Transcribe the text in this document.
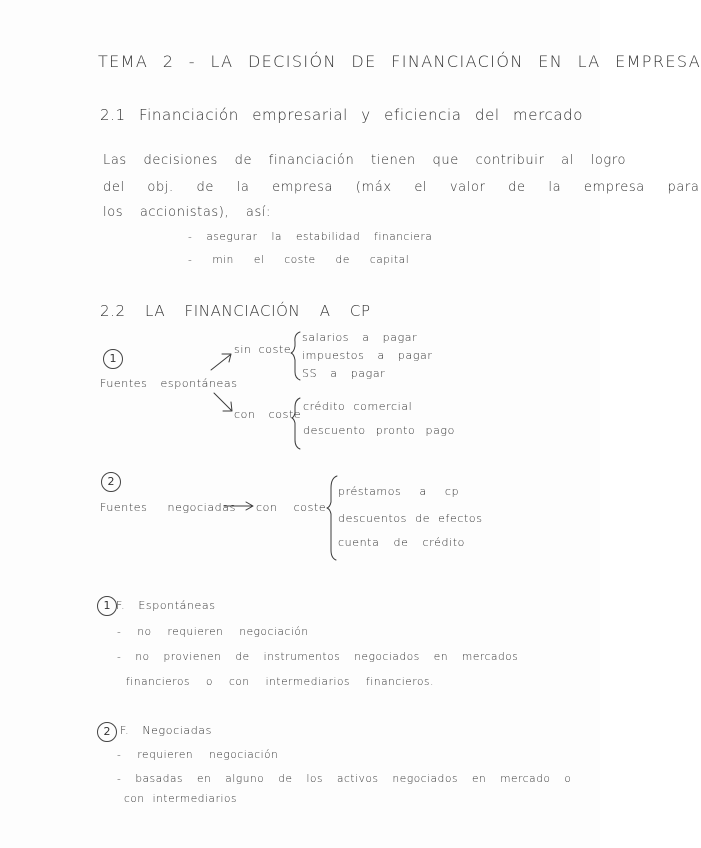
TEMA 2 - LA DECISIÓN DE FINANCIACIÓN EN LA EMPRESA
2.1 Financiación empresarial y eficiencia del mercado
Las decisiones de financiación tienen que contribuir al logro
del obj. de la empresa (máx el valor de la empresa para
los accionistas), así:
- asegurar la estabilidad financiera
- min el coste de capital
2.2 LA FINANCIACIÓN A CP
1
Fuentes espontáneas
sin coste
salarios a pagar
impuestos a pagar
SS a pagar
con coste
crédito comercial
descuento pronto pago
2
Fuentes negociadas con coste
préstamos a cp
descuentos de efectos
cuenta de crédito
1 F. Espontáneas
- no requieren negociación
- no provienen de instrumentos negociados en mercados
financieros o con intermediarios financieros.
2 F. Negociadas
- requieren negociación
- basadas en alguno de los activos negociados en mercado o
con intermediarios
